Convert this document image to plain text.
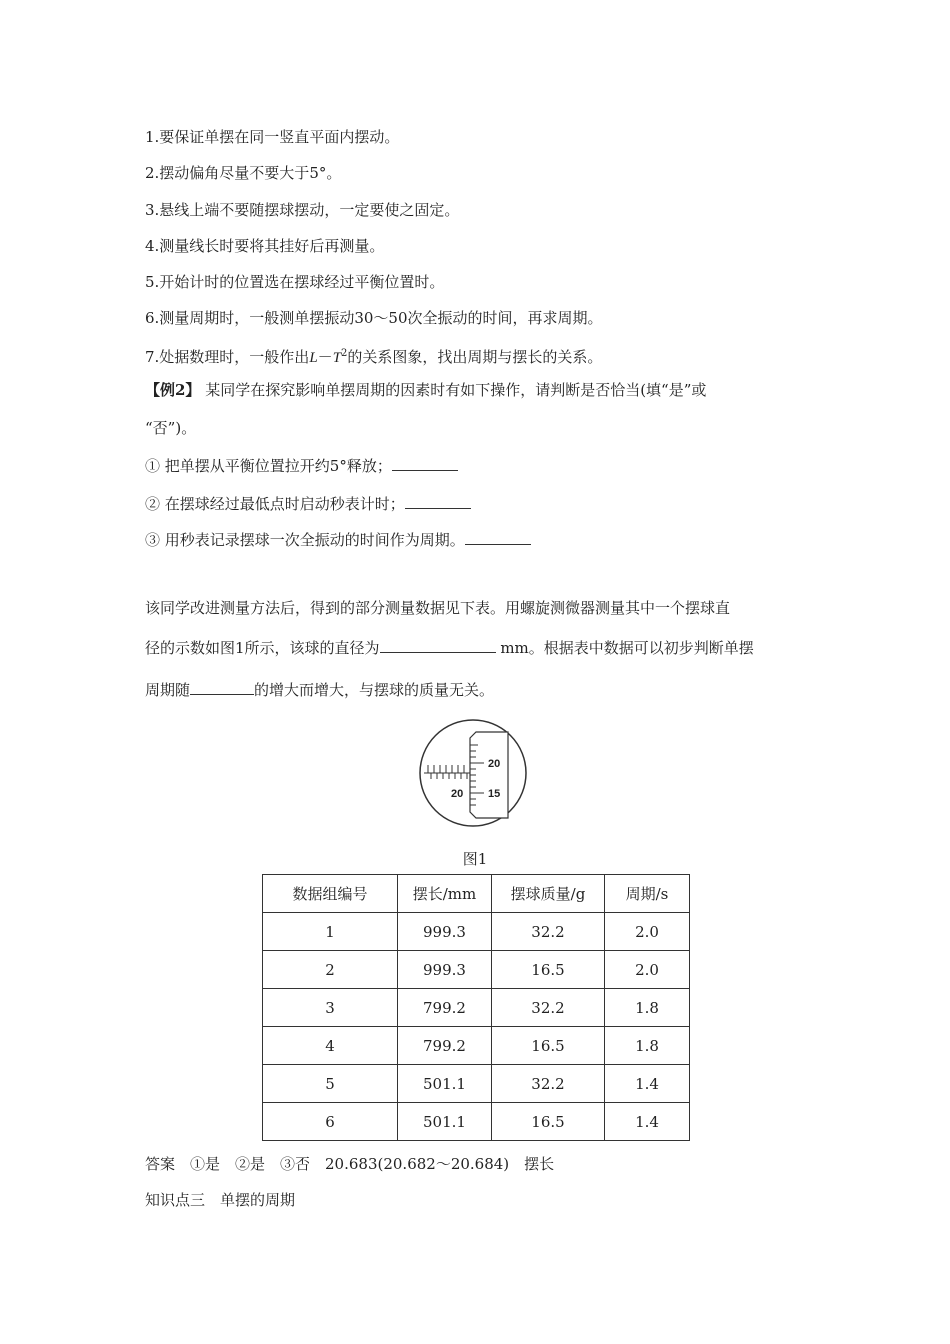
1.要保证单摆在同一竖直平面内摆动。
2.摆动偏角尽量不要大于5°。
3.悬线上端不要随摆球摆动，一定要使之固定。
4.测量线长时要将其挂好后再测量。
5.开始计时的位置选在摆球经过平衡位置时。
6.测量周期时，一般测单摆振动30～50次全振动的时间，再求周期。
7.处据数理时，一般作出$L-T^2$的关系图象，找出周期与摆长的关系。
【例2】 某同学在探究影响单摆周期的因素时有如下操作，请判断是否恰当(填“是”或
“否”)。
① 把单摆从平衡位置拉开约5°释放；
② 在摆球经过最低点时启动秒表计时；
③ 用秒表记录摆球一次全振动的时间作为周期。
该同学改进测量方法后，得到的部分测量数据见下表。用螺旋测微器测量其中一个摆球直
径的示数如图1所示，该球的直径为	mm。根据表中数据可以初步判断单摆
周期随	的增大而增大，与摆球的质量无关。
20
20
15
图1
数据组编号	摆长/mm	摆球质量/g	周期/s
1	999.3	32.2	2.0
2	999.3	16.5	2.0
3	799.2	32.2	1.8
4	799.2	16.5	1.8
5	501.1	32.2	1.4
6	501.1	16.5	1.4
答案　①是　②是　③否　20.683(20.682～20.684)　摆长
知识点三　单摆的周期
